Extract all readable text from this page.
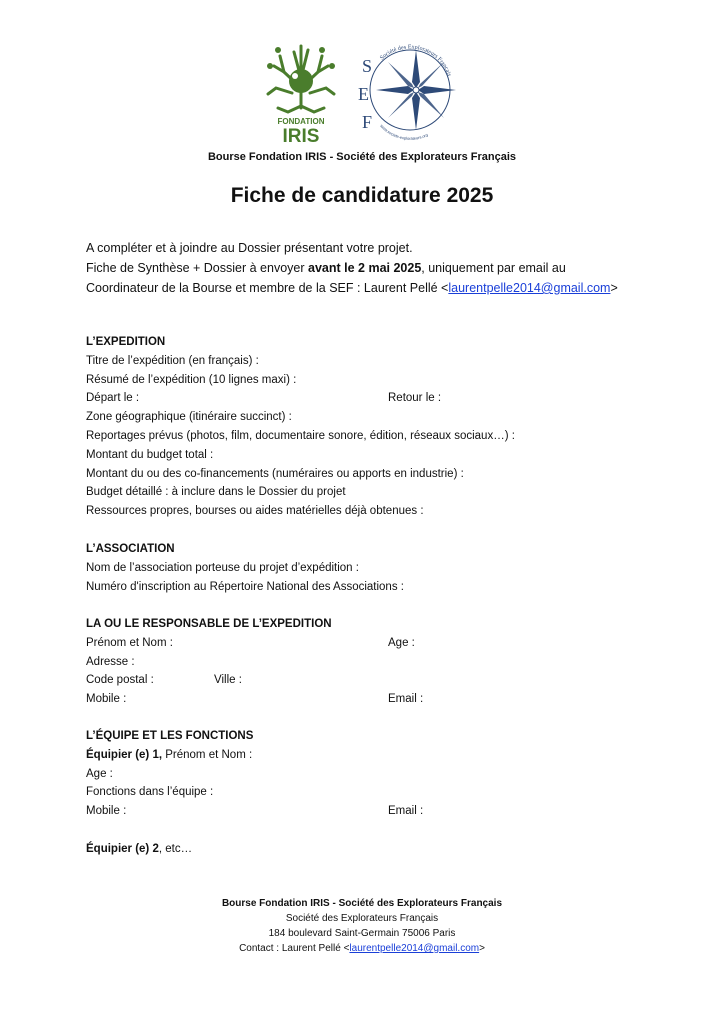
FONDATION
IRIS
S
E
F
Société des Explorateurs Français
www.societe-explorateurs.org
Bourse Fondation IRIS - Société des Explorateurs Français
Fiche de candidature 2025

A compléter et à joindre au Dossier présentant votre projet.

Fiche de Synthèse + Dossier à envoyer avant le 2 mai 2025, uniquement par email au

Coordinateur de la Bourse et membre de la SEF : Laurent Pellé <laurentpelle2014@gmail.com>

L’EXPEDITION

Titre de l’expédition (en français) :

Résumé de l’expédition (10 lignes maxi) :

Départ le :	Retour le :

Zone géographique (itinéraire succinct) :

Reportages prévus (photos, film, documentaire sonore, édition, réseaux sociaux…) :

Montant du budget total :

Montant du ou des co-financements (numéraires ou apports en industrie) :

Budget détaillé : à inclure dans le Dossier du projet

Ressources propres, bourses ou aides matérielles déjà obtenues :

L’ASSOCIATION

Nom de l’association porteuse du projet d’expédition :

Numéro d'inscription au Répertoire National des Associations :

LA OU LE RESPONSABLE DE L’EXPEDITION

Prénom et Nom :	Age :

Adresse :

Code postal :	Ville :

Mobile :	Email :

L’ÉQUIPE ET LES FONCTIONS

Équipier (e) 1, Prénom et Nom :

Age :

Fonctions dans l’équipe :

Mobile :	Email :

Équipier (e) 2, etc…

Bourse Fondation IRIS - Société des Explorateurs Français

Société des Explorateurs Français

184 boulevard Saint-Germain 75006 Paris

Contact : Laurent Pellé <laurentpelle2014@gmail.com>
